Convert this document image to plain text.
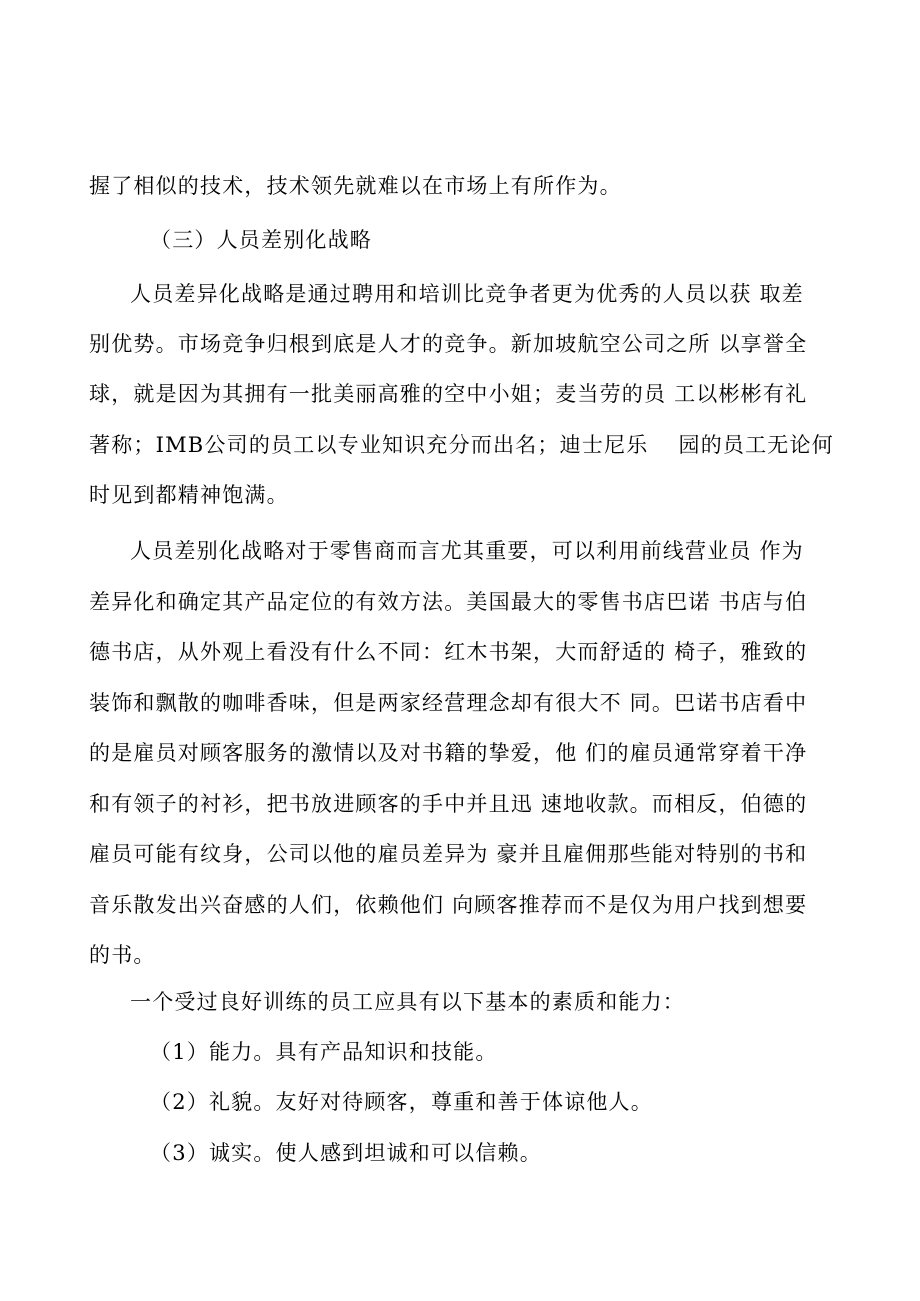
握了相似的技术，技术领先就难以在市场上有所作为。
（三）人员差别化战略
人员差异化战略是通过聘用和培训比竞争者更为优秀的人员以获 取差
别优势。市场竞争归根到底是人才的竞争。新加坡航空公司之所 以享誉全
球，就是因为其拥有一批美丽高雅的空中小姐；麦当劳的员 工以彬彬有礼
著称；IMB公司的员工以专业知识充分而出名；迪士尼乐 　园的员工无论何
时见到都精神饱满。
人员差别化战略对于零售商而言尤其重要，可以利用前线营业员 作为
差异化和确定其产品定位的有效方法。美国最大的零售书店巴诺 书店与伯
德书店，从外观上看没有什么不同：红木书架，大而舒适的 椅子，雅致的
装饰和飘散的咖啡香味，但是两家经营理念却有很大不 同。巴诺书店看中
的是雇员对顾客服务的激情以及对书籍的挚爱，他 们的雇员通常穿着干净
和有领子的衬衫，把书放进顾客的手中并且迅 速地收款。而相反，伯德的
雇员可能有纹身，公司以他的雇员差异为 豪并且雇佣那些能对特别的书和
音乐散发出兴奋感的人们，依赖他们 向顾客推荐而不是仅为用户找到想要
的书。
一个受过良好训练的员工应具有以下基本的素质和能力：
（1）能力。具有产品知识和技能。
（2）礼貌。友好对待顾客，尊重和善于体谅他人。
（3）诚实。使人感到坦诚和可以信赖。
